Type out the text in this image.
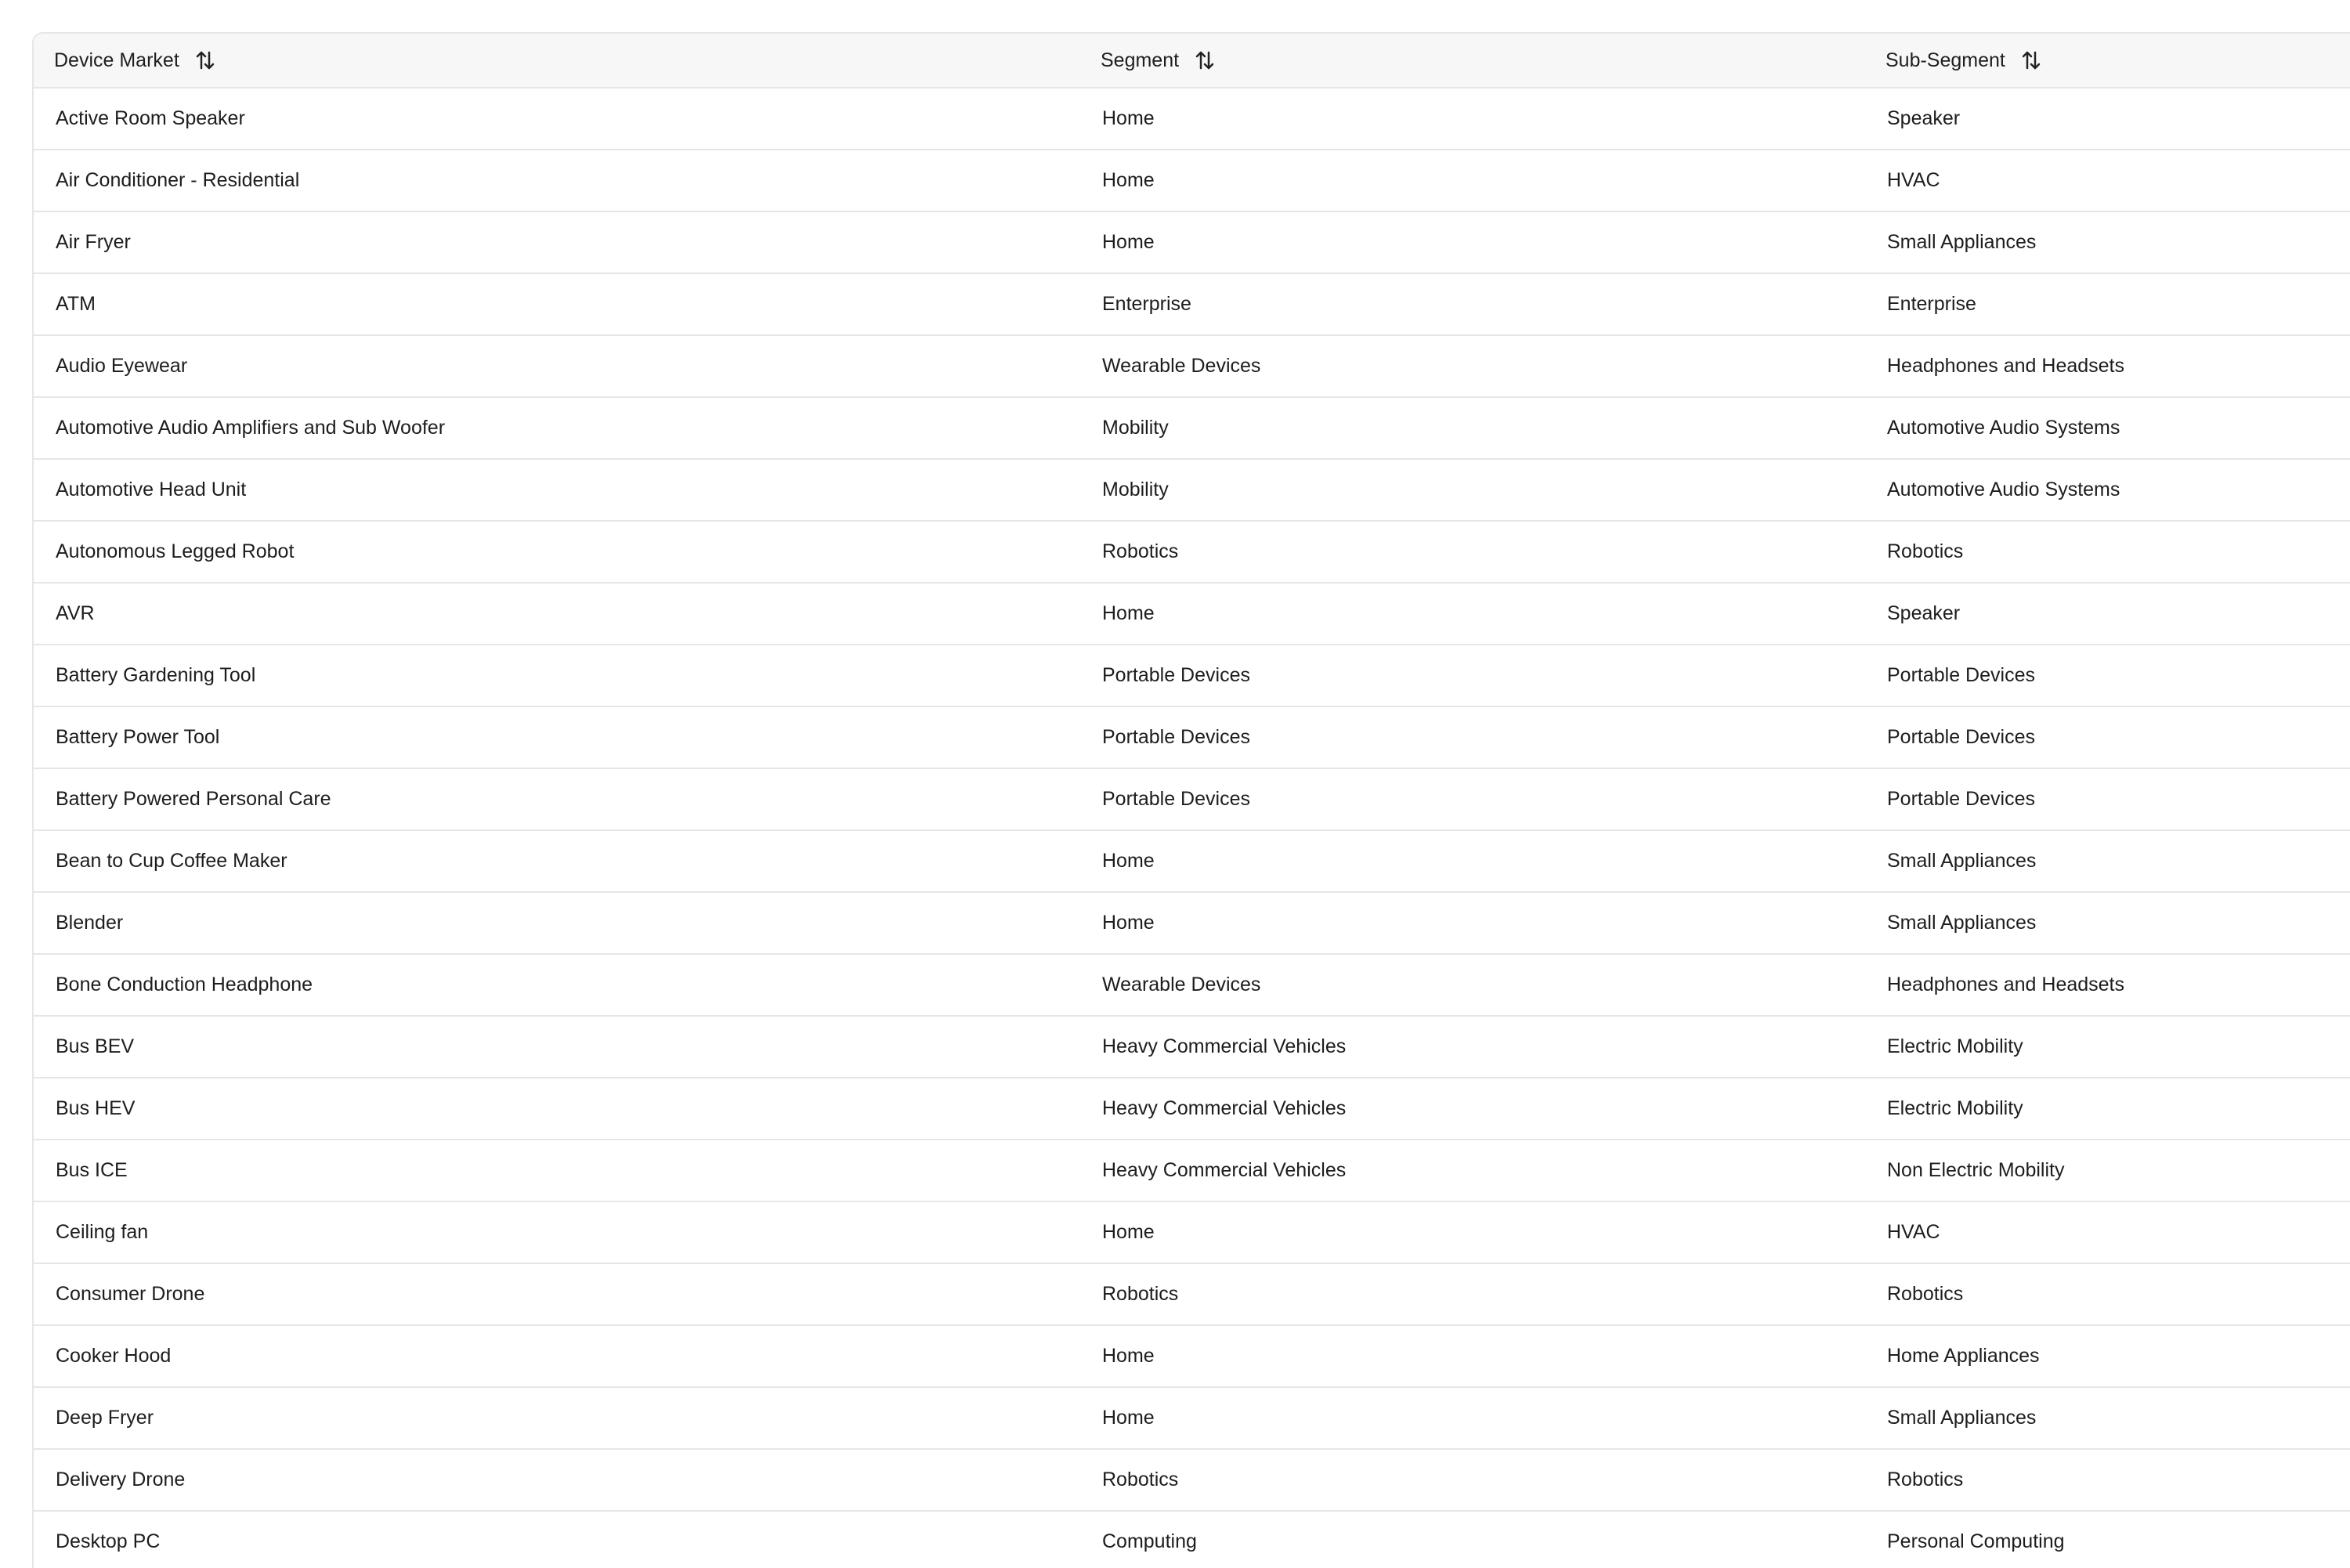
Device Market	Segment	Sub-Segment
Active Room Speaker	Home	Speaker
Air Conditioner - Residential	Home	HVAC
Air Fryer	Home	Small Appliances
ATM	Enterprise	Enterprise
Audio Eyewear	Wearable Devices	Headphones and Headsets
Automotive Audio Amplifiers and Sub Woofer	Mobility	Automotive Audio Systems
Automotive Head Unit	Mobility	Automotive Audio Systems
Autonomous Legged Robot	Robotics	Robotics
AVR	Home	Speaker
Battery Gardening Tool	Portable Devices	Portable Devices
Battery Power Tool	Portable Devices	Portable Devices
Battery Powered Personal Care	Portable Devices	Portable Devices
Bean to Cup Coffee Maker	Home	Small Appliances
Blender	Home	Small Appliances
Bone Conduction Headphone	Wearable Devices	Headphones and Headsets
Bus BEV	Heavy Commercial Vehicles	Electric Mobility
Bus HEV	Heavy Commercial Vehicles	Electric Mobility
Bus ICE	Heavy Commercial Vehicles	Non Electric Mobility
Ceiling fan	Home	HVAC
Consumer Drone	Robotics	Robotics
Cooker Hood	Home	Home Appliances
Deep Fryer	Home	Small Appliances
Delivery Drone	Robotics	Robotics
Desktop PC	Computing	Personal Computing
